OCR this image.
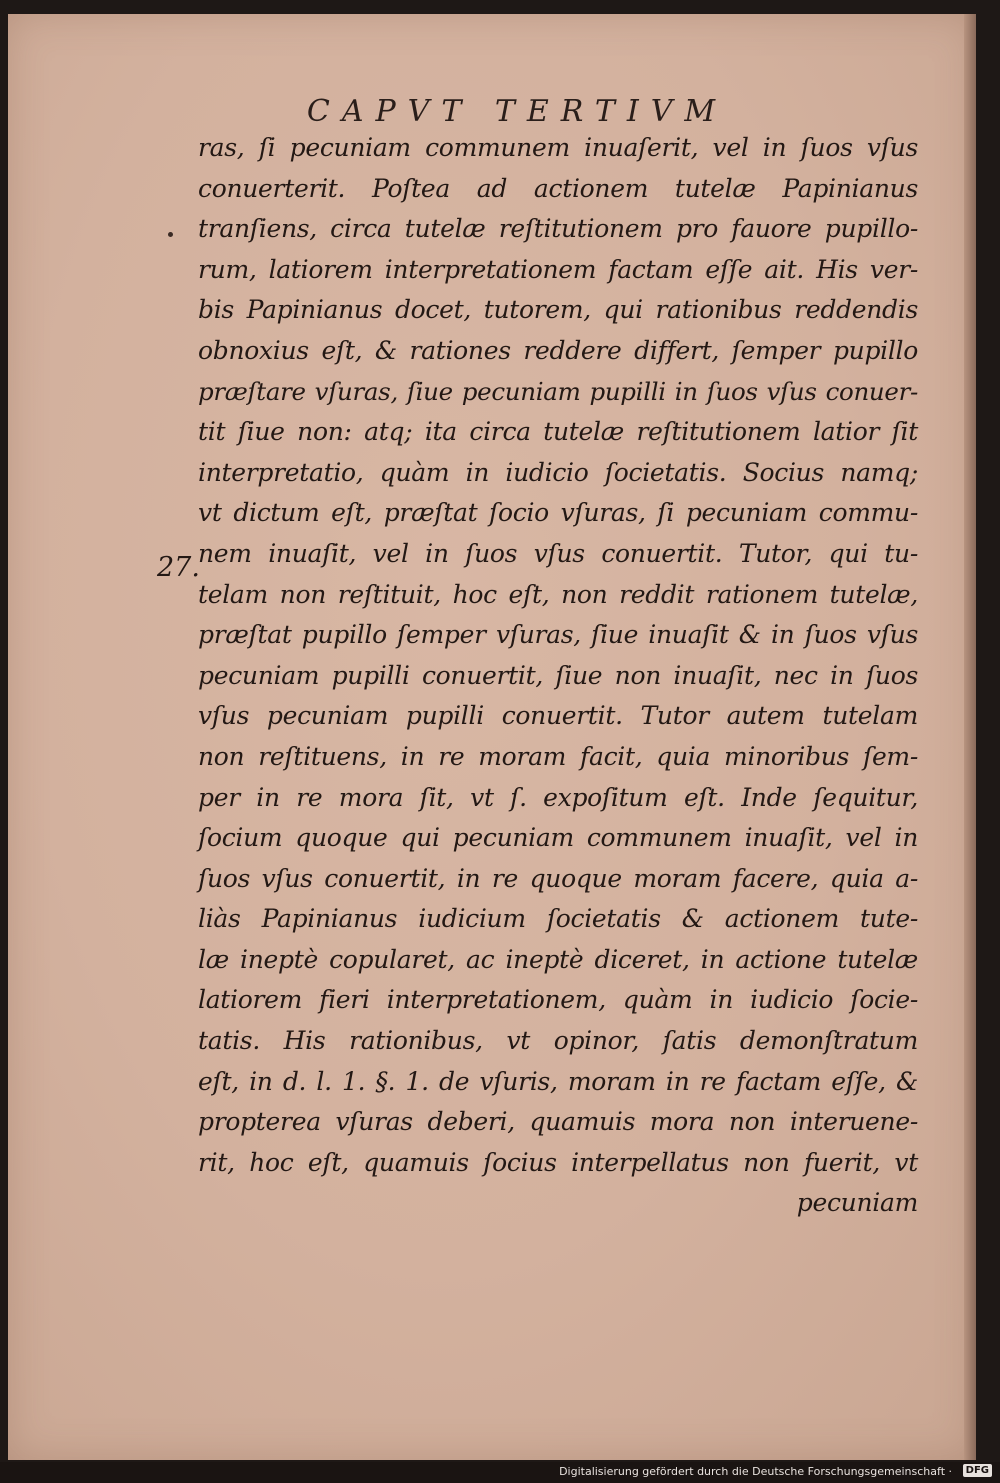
CAPVT TERTIVM
27.
ras, ſi pecuniam communem inuaſerit, vel in ſuos vſus
conuerterit. Poſtea ad actionem tutelæ Papinianus
tranſiens, circa tutelæ reſtitutionem pro fauore pupillo-
rum, latiorem interpretationem factam eſſe ait. His ver-
bis Papinianus docet, tutorem, qui rationibus reddendis
obnoxius eſt, & rationes reddere differt, ſemper pupillo
præſtare vſuras, ſiue pecuniam pupilli in ſuos vſus conuer-
tit ſiue non: atq; ita circa tutelæ reſtitutionem latior ſit
interpretatio, quàm in iudicio ſocietatis. Socius namq;
vt dictum eſt, præſtat ſocio vſuras, ſi pecuniam commu-
nem inuaſit, vel in ſuos vſus conuertit. Tutor, qui tu-
telam non reſtituit, hoc eſt, non reddit rationem tutelæ,
præſtat pupillo ſemper vſuras, ſiue inuaſit & in ſuos vſus
pecuniam pupilli conuertit, ſiue non inuaſit, nec in ſuos
vſus pecuniam pupilli conuertit. Tutor autem tutelam
non reſtituens, in re moram facit, quia minoribus ſem-
per in re mora ſit, vt ſ. expoſitum eſt. Inde ſequitur,
ſocium quoque qui pecuniam communem inuaſit, vel in
ſuos vſus conuertit, in re quoque moram facere, quia a-
liàs Papinianus iudicium ſocietatis & actionem tute-
læ ineptè copularet, ac ineptè diceret, in actione tutelæ
latiorem fieri interpretationem, quàm in iudicio ſocie-
tatis. His rationibus, vt opinor, ſatis demonſtratum
eſt, in d. l. 1. §. 1. de vſuris, moram in re factam eſſe, &
propterea vſuras deberi, quamuis mora non interuene-
rit, hoc eſt, quamuis ſocius interpellatus non fuerit, vt
pecuniam
Digitalisierung gefördert durch die Deutsche Forschungsgemeinschaft ·	DFG
